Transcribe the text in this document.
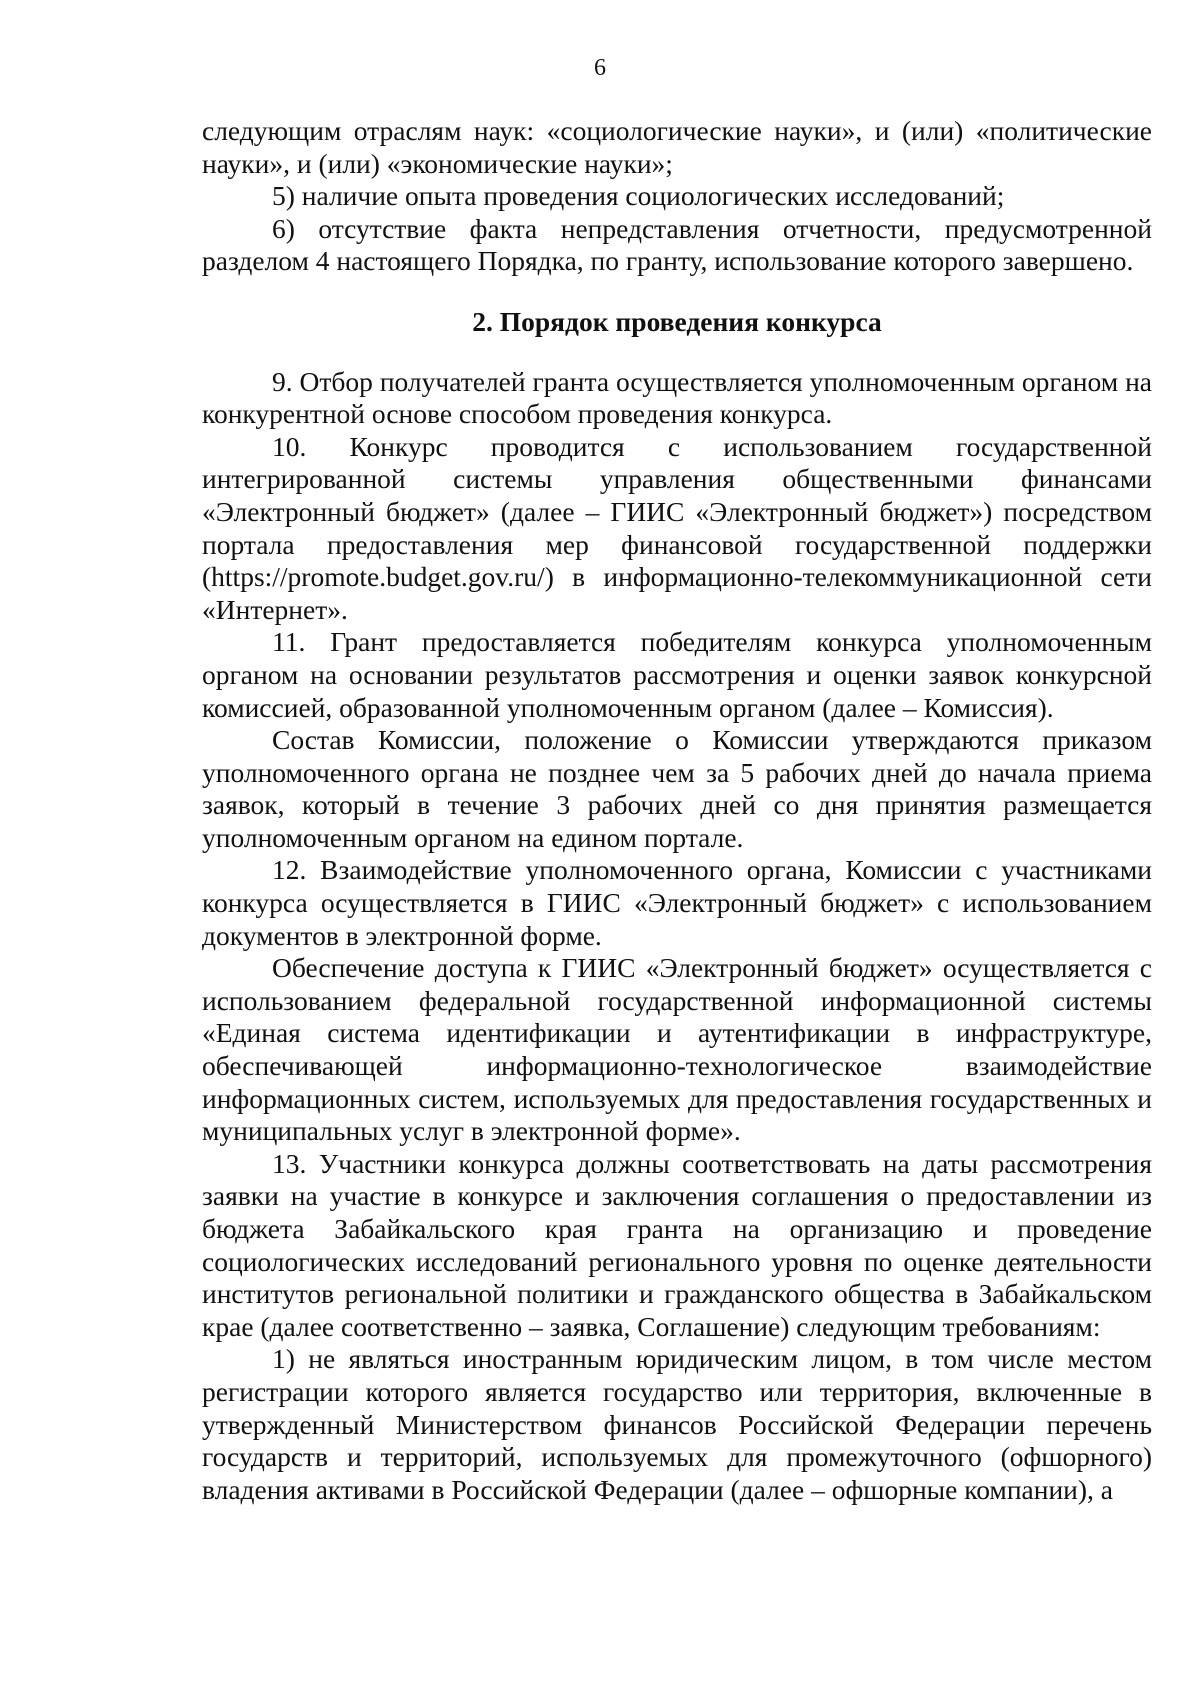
6

следующим отраслям наук: «социологические науки», и (или) «политические науки», и (или) «экономические науки»;

5) наличие опыта проведения социологических исследований;

6) отсутствие факта непредставления отчетности, предусмотренной разделом 4 настоящего Порядка, по гранту, использование которого завершено.

2. Порядок проведения конкурса

9. Отбор получателей гранта осуществляется уполномоченным органом на конкурентной основе способом проведения конкурса.

10. Конкурс проводится с использованием государственной интегрированной системы управления общественными финансами «Электронный бюджет» (далее – ГИИС «Электронный бюджет») посредством портала предоставления мер финансовой государственной поддержки (https://promote.budget.gov.ru/) в информационно-телекоммуникационной сети «Интернет».

11. Грант предоставляется победителям конкурса уполномоченным органом на основании результатов рассмотрения и оценки заявок конкурсной комиссией, образованной уполномоченным органом (далее – Комиссия).

Состав Комиссии, положение о Комиссии утверждаются приказом уполномоченного органа не позднее чем за 5 рабочих дней до начала приема заявок, который в течение 3 рабочих дней со дня принятия размещается уполномоченным органом на едином портале.

12. Взаимодействие уполномоченного органа, Комиссии с участниками конкурса осуществляется в ГИИС «Электронный бюджет» с использованием документов в электронной форме.

Обеспечение доступа к ГИИС «Электронный бюджет» осуществляется с использованием федеральной государственной информационной системы «Единая система идентификации и аутентификации в инфраструктуре, обеспечивающей информационно-технологическое взаимодействие информационных систем, используемых для предоставления государственных и муниципальных услуг в электронной форме».

13. Участники конкурса должны соответствовать на даты рассмотрения заявки на участие в конкурсе и заключения соглашения о предоставлении из бюджета Забайкальского края гранта на организацию и проведение социологических исследований регионального уровня по оценке деятельности институтов региональной политики и гражданского общества в Забайкальском крае (далее соответственно – заявка, Соглашение) следующим требованиям:

1) не являться иностранным юридическим лицом, в том числе местом регистрации которого является государство или территория, включенные в утвержденный Министерством финансов Российской Федерации перечень государств и территорий, используемых для промежуточного (офшорного) владения активами в Российской Федерации (далее – офшорные компании), а
